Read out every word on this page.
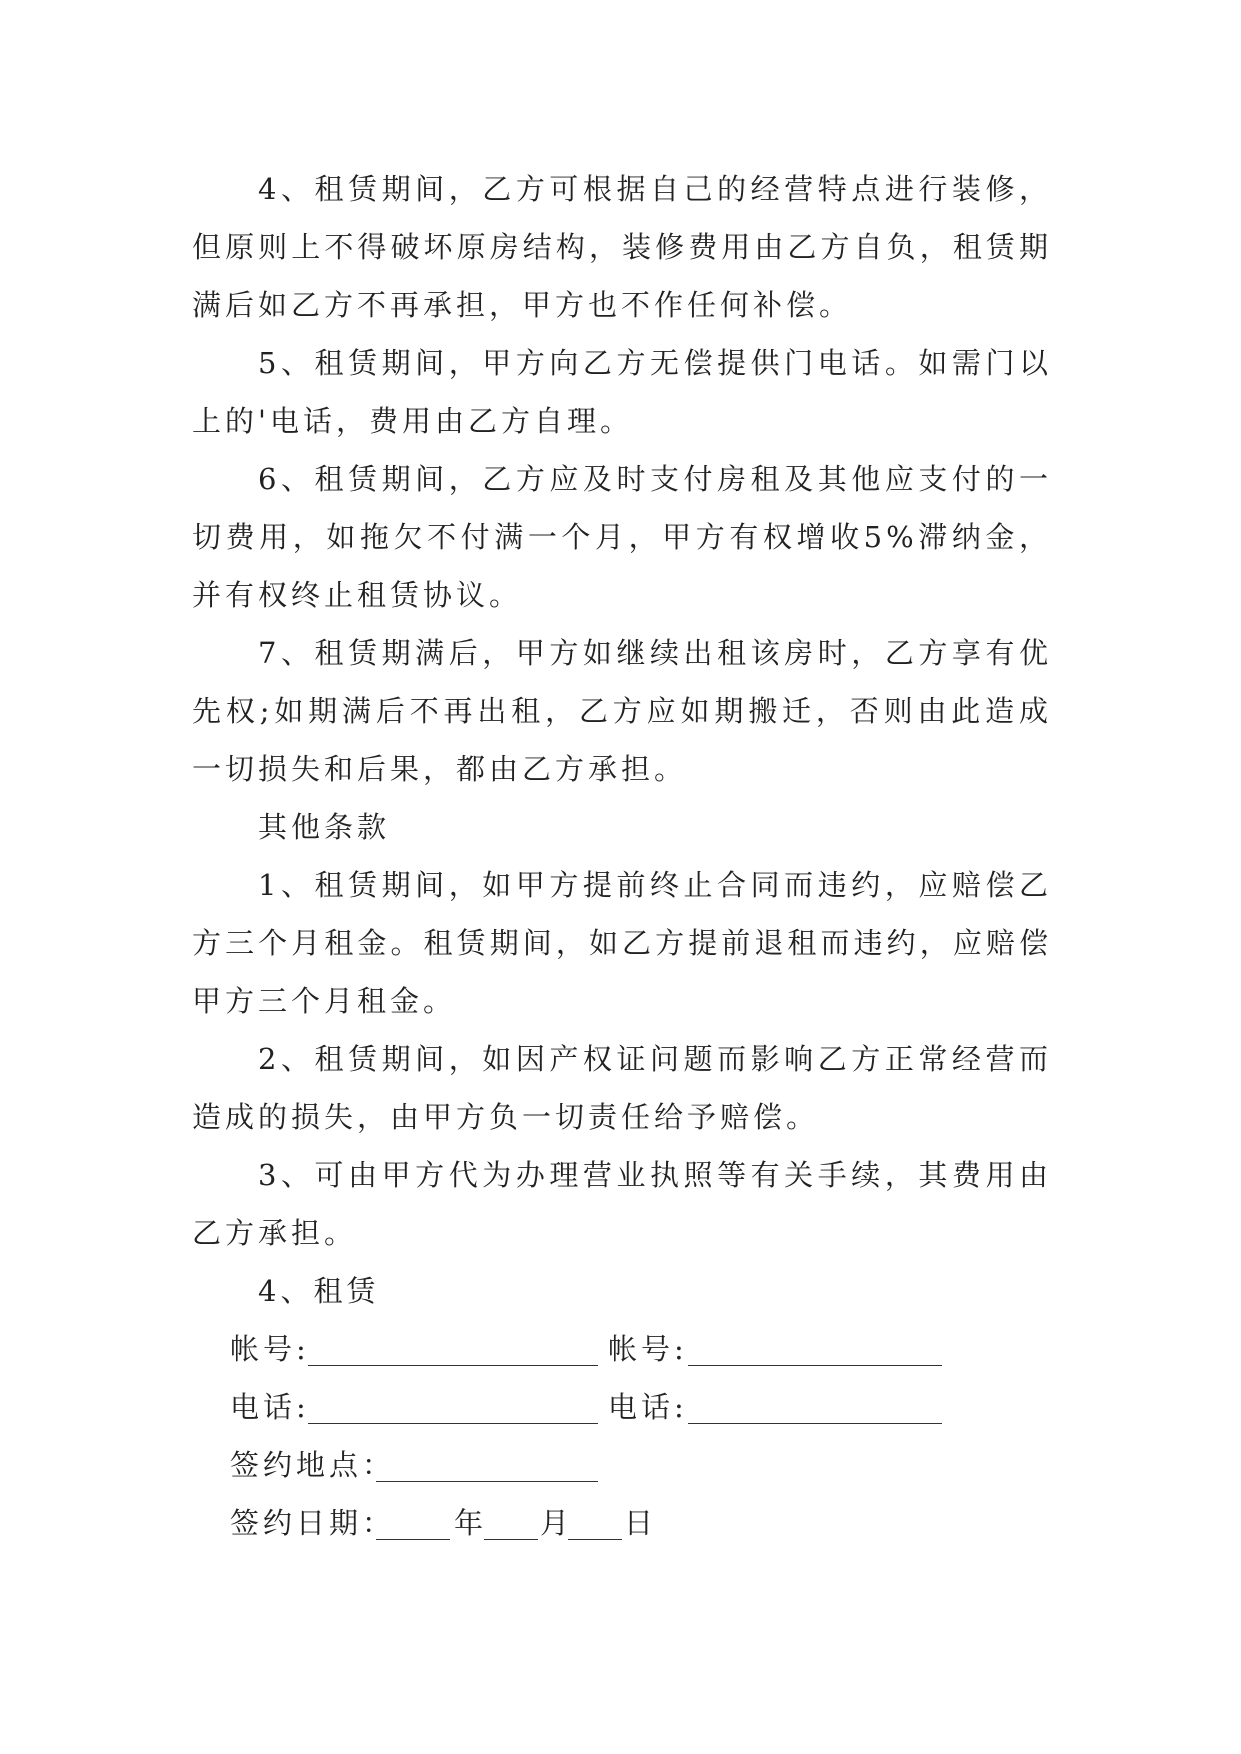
4、租赁期间，乙方可根据自己的经营特点进行装修，但原则上不得破坏原房结构，装修费用由乙方自负，租赁期满后如乙方不再承担，甲方也不作任何补偿。

5、租赁期间，甲方向乙方无偿提供门电话。如需门以上的'电话，费用由乙方自理。

6、租赁期间，乙方应及时支付房租及其他应支付的一切费用，如拖欠不付满一个月，甲方有权增收5%滞纳金，并有权终止租赁协议。

7、租赁期满后，甲方如继续出租该房时，乙方享有优先权;如期满后不再出租，乙方应如期搬迁，否则由此造成一切损失和后果，都由乙方承担。

其他条款

1、租赁期间，如甲方提前终止合同而违约，应赔偿乙方三个月租金。租赁期间，如乙方提前退租而违约，应赔偿甲方三个月租金。

2、租赁期间，如因产权证问题而影响乙方正常经营而造成的损失，由甲方负一切责任给予赔偿。

3、可由甲方代为办理营业执照等有关手续，其费用由乙方承担。

4、租赁

帐号:	帐号:
电话:	电话:
签约地点：
签约日期： 年 月 日
